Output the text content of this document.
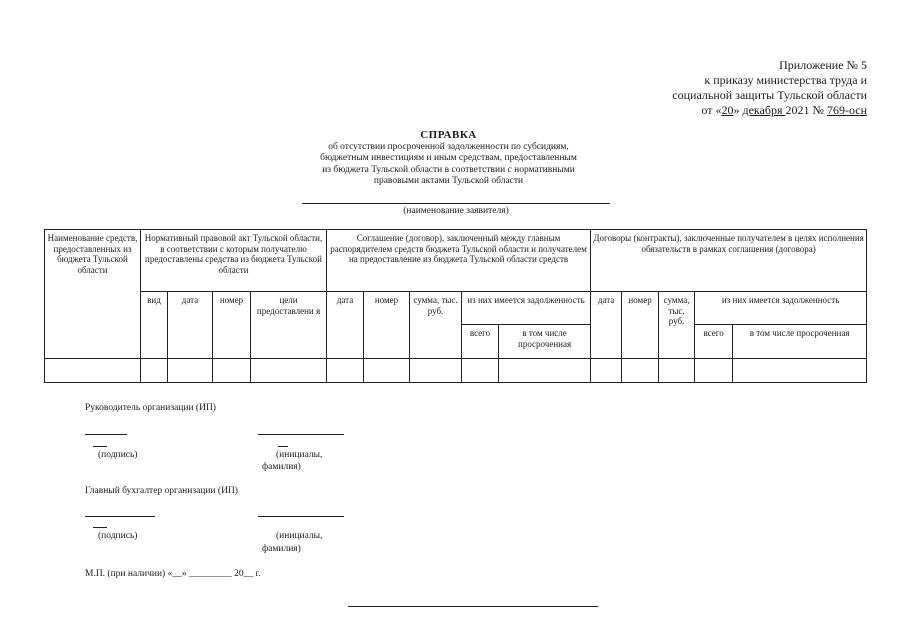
Приложение № 5
к приказу министерства труда и
социальной защиты Тульской области
от «20» декабря 2021 № 769-осн
СПРАВКА
об отсутствии просроченной задолженности по субсидиям,
бюджетным инвестициям и иным средствам, предоставленным
из бюджета Тульской области в соответствии с нормативными
правовыми актами Тульской области
(наименование заявителя)
Наименование средств, предоставленных из бюджета Тульской области	Нормативный правовой акт Тульской области, в соответствии с которым получателю предоставлены средства из бюджета Тульской области				Соглашение (договор), заключенный между главным распорядителем средств бюджета Тульской области и получателем на предоставление из бюджета Тульской области средств					Договоры (контракты), заключенные получателем в целях исполнения обязательств в рамках соглашения (договора)				
	вид	дата	номер	цели предоставлени я	дата	номер	сумма, тыс. руб.	из них имеется задолженность		дата	номер	сумма, тыс. руб.	из них имеется задолженность	
								всего	в том числе просроченная				всего	в том числе просроченная

Руководитель организации (ИП)
(подпись)	(инициалы,
фамилия)
Главный бухгалтер организации (ИП)
(подпись)	(инициалы,
фамилия)
М.П. (при наличии) «__» _________ 20__ г.
